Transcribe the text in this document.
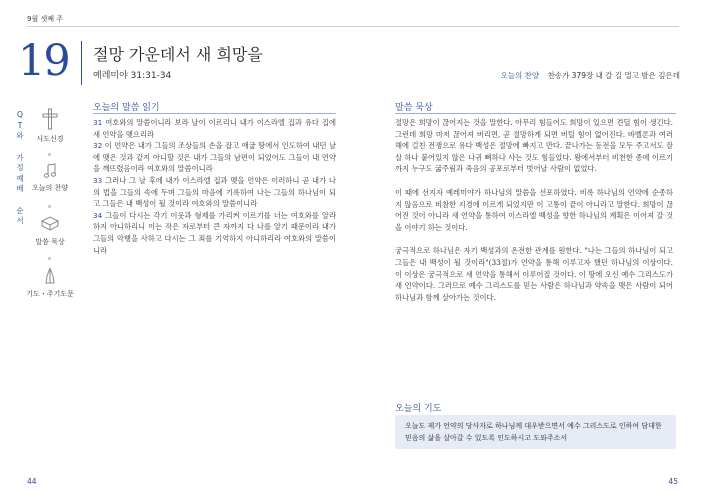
9월 셋째 주
19 절망 가운데서 새 희망을
예레미야 31:31-34	오늘의 찬양 찬송가 379장 내 갈 길 멀고 밤은 깊은데
Q
T
와
가
정
예
배
순
서
사도신경
오늘의 찬양
말씀 묵상
기도・주기도문
오늘의 말씀 읽기

31 여호와의 말씀이니라 보라 날이 이르리니 내가 이스라엘 집과 유다 집에 새 언약을 맺으리라

32 이 언약은 내가 그들의 조상들의 손을 잡고 애굽 땅에서 인도하여 내던 날에 맺은 것과 같지 아니할 것은 내가 그들의 남편이 되었어도 그들이 내 언약을 깨뜨렸음이라 여호와의 말씀이니라

33 그러나 그 날 후에 내가 이스라엘 집과 맺을 언약은 이러하니 곧 내가 나의 법을 그들의 속에 두며 그들의 마음에 기록하여 나는 그들의 하나님이 되고 그들은 내 백성이 될 것이라 여호와의 말씀이니라

34 그들이 다시는 각기 이웃과 형제를 가리켜 이르기를 너는 여호와를 알라 하지 아니하리니 이는 작은 자로부터 큰 자까지 다 나를 알기 때문이라 내가 그들의 악행을 사하고 다시는 그 죄를 기억하지 아니하리라 여호와의 말씀이니라

말씀 묵상

절망은 희망이 끊어지는 것을 말한다. 아무리 힘들어도 희망이 있으면 견딜 힘이 생긴다. 그런데 희망 마저 끊어져 버리면, 곧 절망하게 되면 버틸 힘이 없어진다. 바벨론과 여러 해에 걸친 전쟁으로 유다 백성은 절망에 빠지고 만다. 끝나가는 동전을 모두 주고서도 잘살 하나 붙어있지 않은 나귀 뼈하나 사는 것도 힘들었다. 왕에서부터 비천한 종에 이르기까지 누구도 굶주림과 죽음의 공포로부터 벗어날 사람이 없었다.

이 때에 선지자 예레미야가 하나님의 말씀을 선포하였다. 비록 하나님의 언약에 순종하지 않음으로 비참한 지경에 이르게 되었지만 이 고통이 끝이 아니라고 말한다. 희망이 끊어진 것이 아니라 새 언약을 통하여 이스라엘 백성을 향한 하나님의 계획은 이어져 갈 것을 이야기 하는 것이다.

궁극적으로 하나님은 자기 백성과의 온전한 관계를 원한다. "나는 그들의 하나님이 되고 그들은 내 백성이 될 것이라"(33절)가 언약을 통해 이루고자 했던 하나님의 이상이다. 이 이상은 궁극적으로 새 언약을 통해서 이루어질 것이다. 이 땅에 오신 예수 그리스도가 새 언약이다. 그러므로 예수 그리스도를 믿는 사람은 하나님과 약속을 맺은 사람이 되어 하나님과 함께 살아가는 것이다.

오늘의 기도
오늘도 제가 언약의 당사자로 하나님께 대우받으면서 예수 그리스도로 인하여 담대한 믿음의 삶을 살아갈 수 있도록 인도하시고 도와주소서
44	45
